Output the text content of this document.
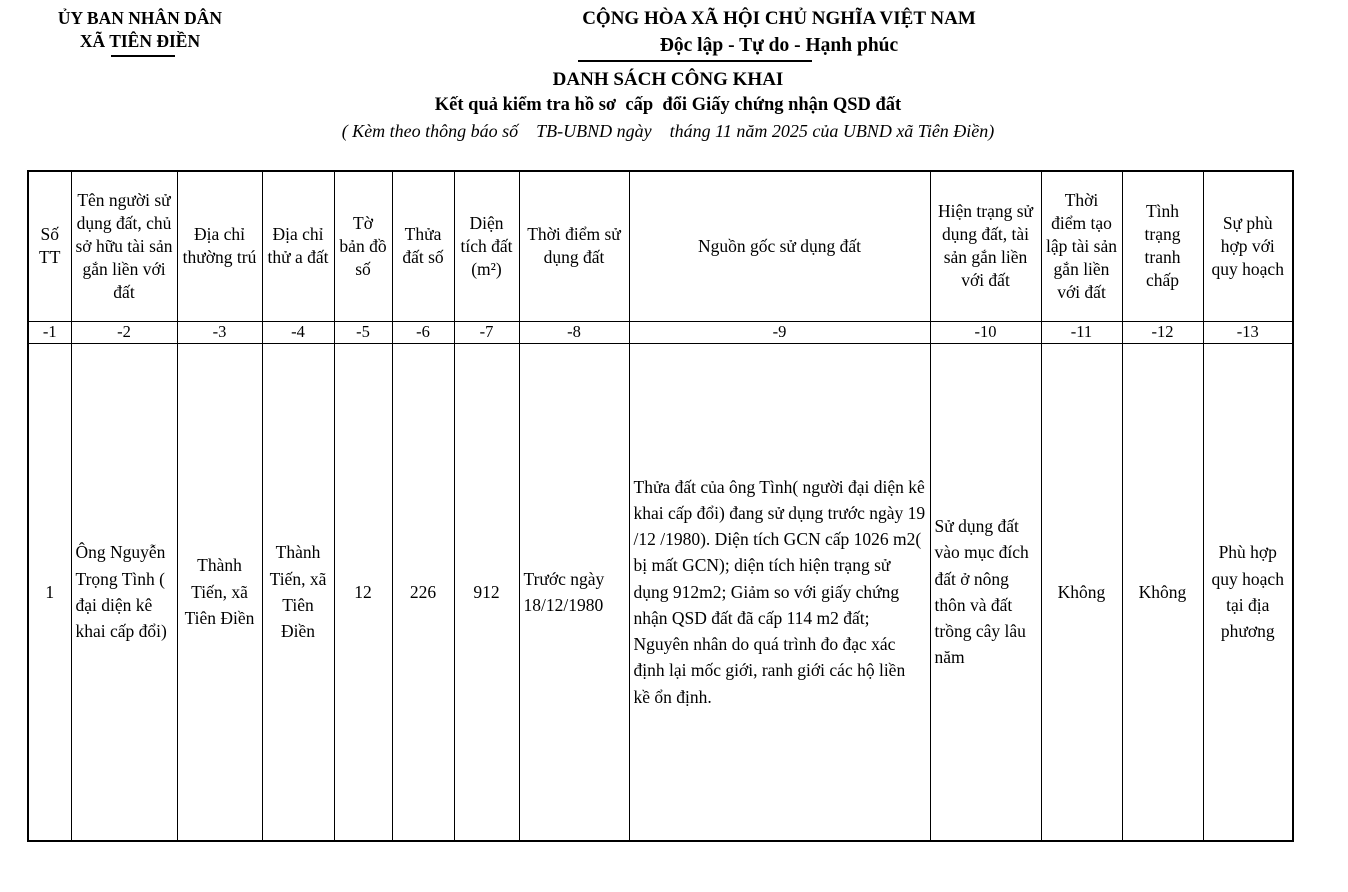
ỦY BAN NHÂN DÂN
XÃ TIÊN ĐIỀN
CỘNG HÒA XÃ HỘI CHỦ NGHĨA VIỆT NAM
Độc lập - Tự do - Hạnh phúc
DANH SÁCH CÔNG KHAI
Kết quả kiểm tra hồ sơ  cấp  đổi Giấy chứng nhận QSD đất
( Kèm theo thông báo số    TB-UBND ngày    tháng 11 năm 2025 của UBND xã Tiên Điền)
Số TT	Tên người sử dụng đất, chủ sở hữu tài sản gắn liền với đất	Địa chỉ thường trú	Địa chỉ thử a đất	Tờ bản đồ số	Thửa đất số	Diện tích đất (m²)	Thời điểm sử dụng đất	Nguồn gốc sử dụng đất	Hiện trạng sử dụng đất, tài sản gắn liền với đất	Thời điểm tạo lập tài sản gắn liền với đất	Tình trạng tranh chấp	Sự phù hợp với quy hoạch
-1	-2	-3	-4	-5	-6	-7	-8	-9	-10	-11	-12	-13
1	Ông Nguyễn Trọng Tình ( đại diện kê khai cấp đổi)	Thành Tiến, xã Tiên Điền	Thành Tiến, xã Tiên Điền	12	226	912	Trước ngày 18/12/1980	Thửa đất của ông Tình( người đại diện kê khai cấp đổi) đang sử dụng trước ngày 19 /12 /1980). Diện tích GCN cấp 1026 m2( bị mất GCN); diện tích hiện trạng sử dụng 912m2; Giảm so với giấy chứng nhận QSD đất đã cấp 114 m2 đất; Nguyên nhân do quá trình đo đạc xác định lại mốc giới, ranh giới các hộ liền kề ổn định.	Sử dụng đất vào mục đích đất ở nông thôn và đất trồng cây lâu năm	Không	Không	Phù hợp quy hoạch tại địa phương
